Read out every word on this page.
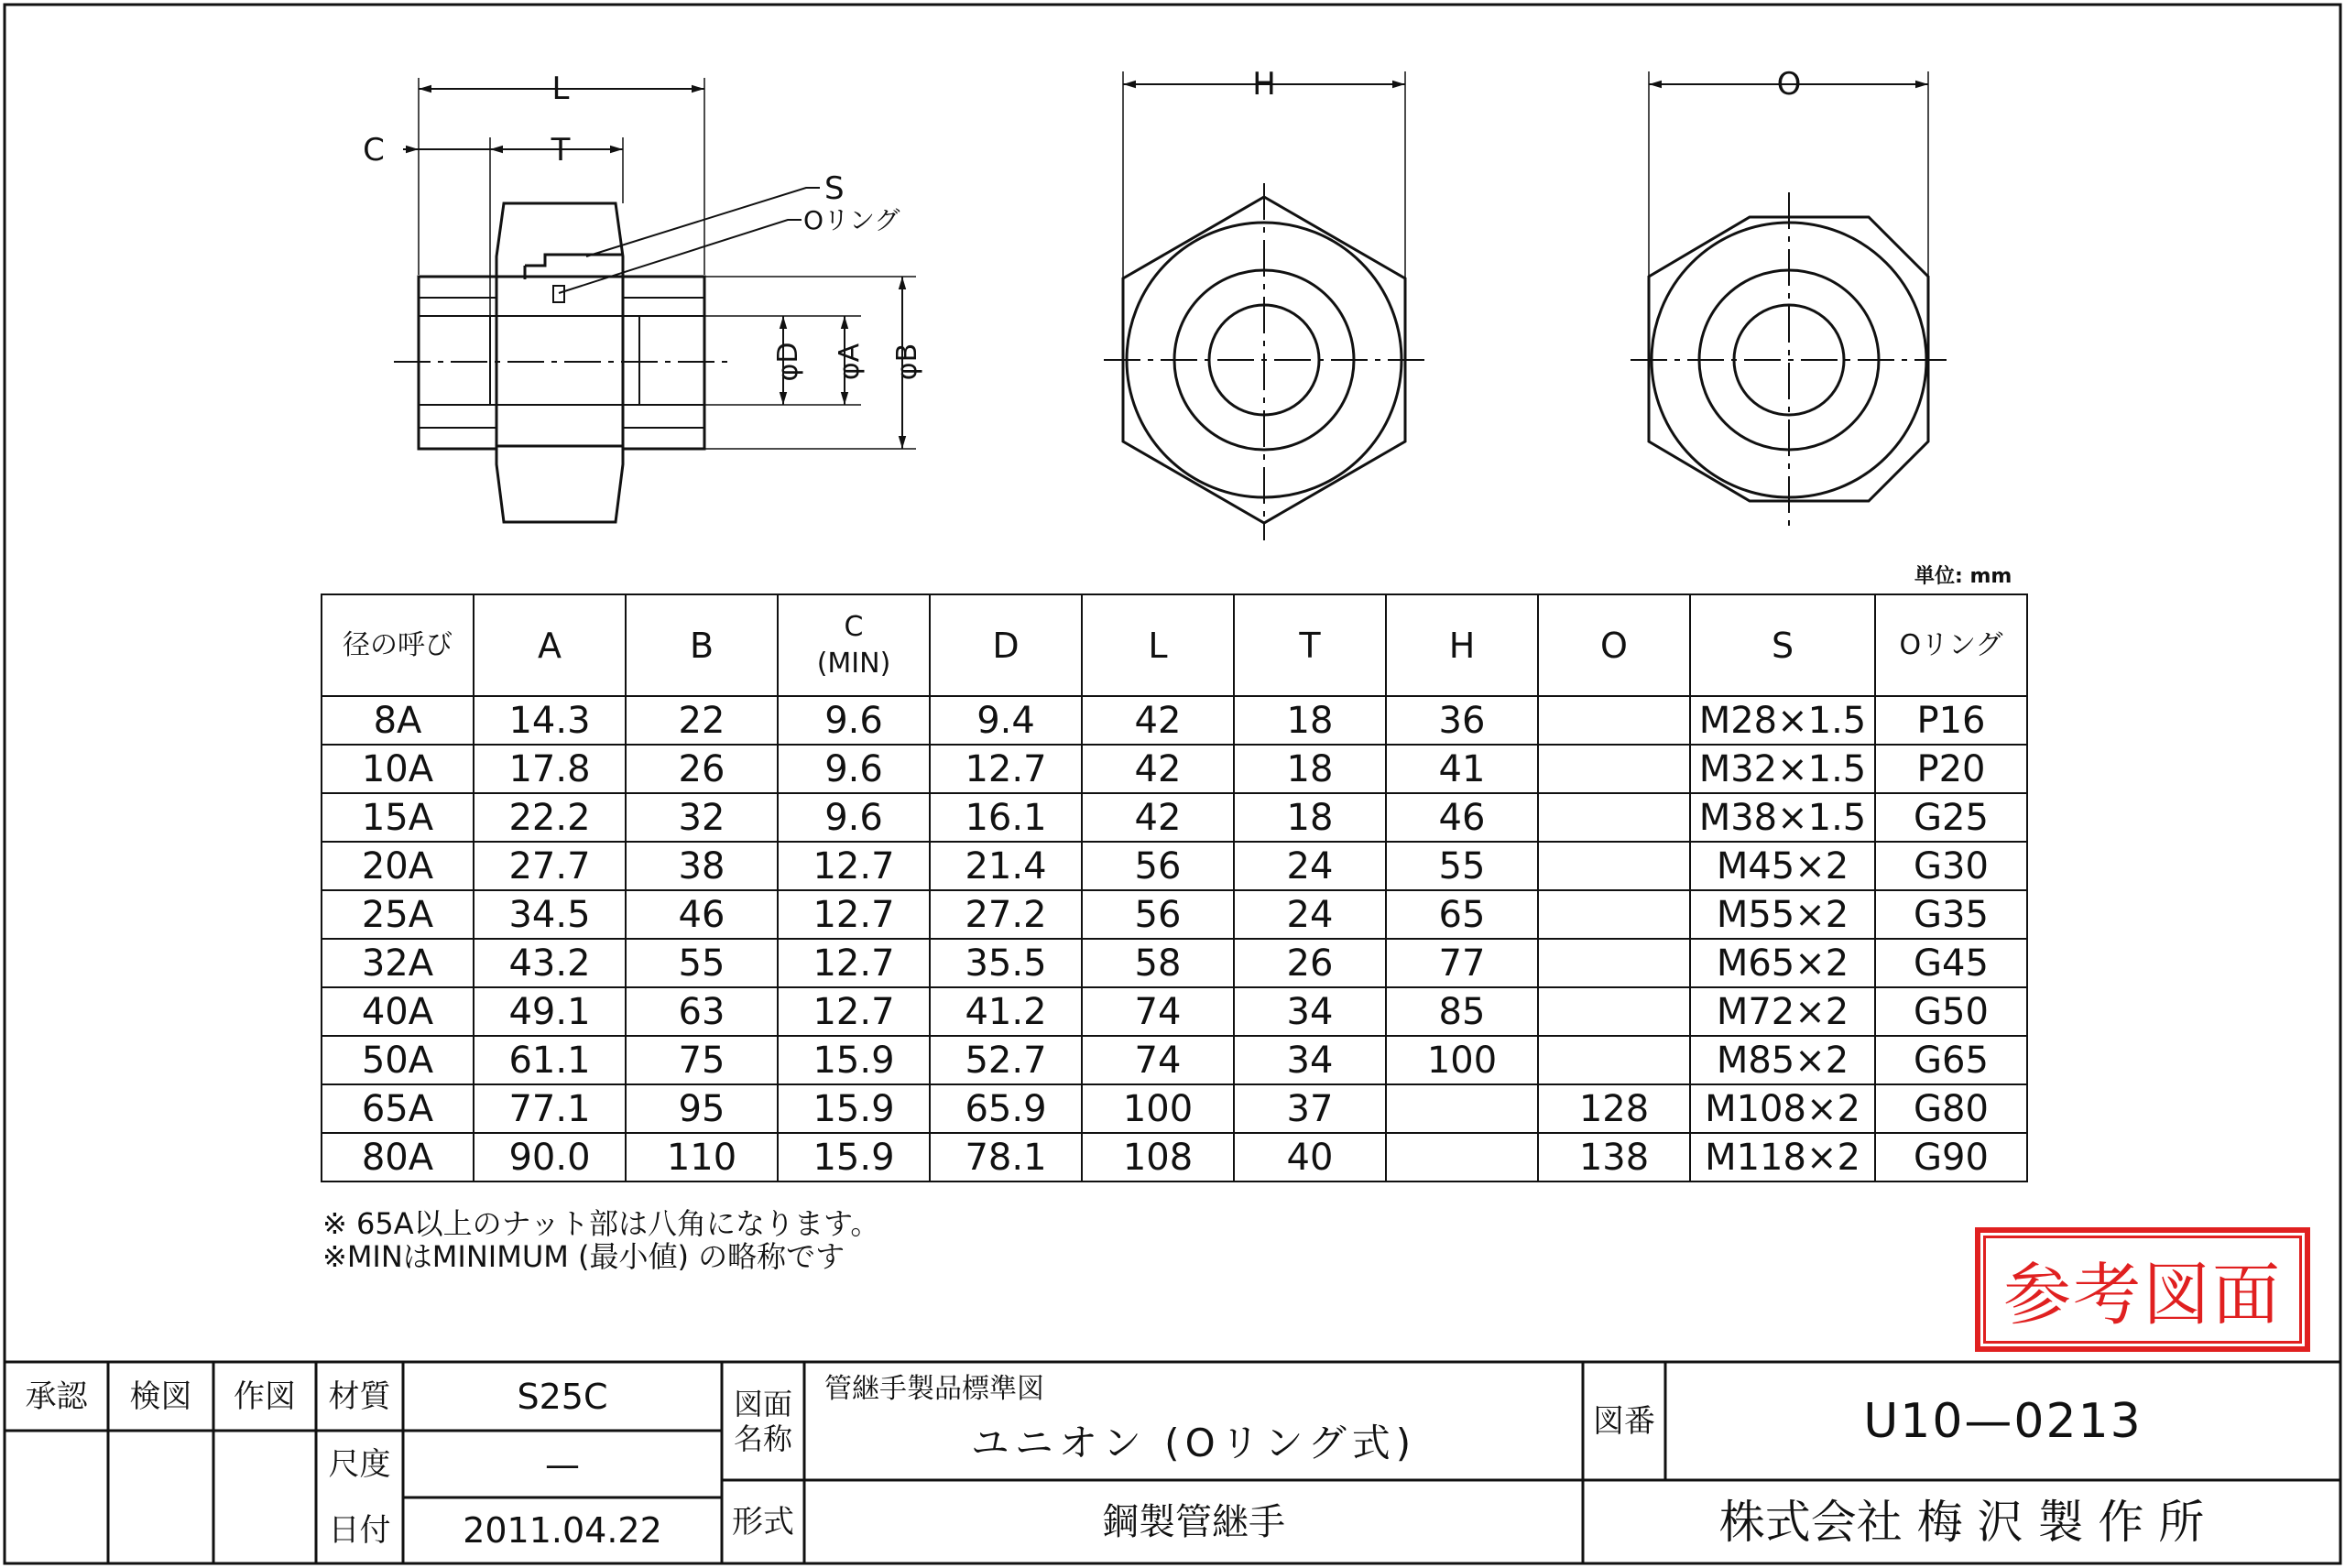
L
C	T
S
Oリング
φD φA φB
H	O
単位: mm
径の呼び	A	B	C
(MIN)	D	L	T	H	O	S	Oリング
8A	14.3	22	9.6	9.4	42	18	36		M28×1.5	P16
10A	17.8	26	9.6	12.7	42	18	41		M32×1.5	P20
15A	22.2	32	9.6	16.1	42	18	46		M38×1.5	G25
20A	27.7	38	12.7	21.4	56	24	55		M45×2	G30
25A	34.5	46	12.7	27.2	56	24	65		M55×2	G35
32A	43.2	55	12.7	35.5	58	26	77		M65×2	G45
40A	49.1	63	12.7	41.2	74	34	85		M72×2	G50
50A	61.1	75	15.9	52.7	74	34	100		M85×2	G65
65A	77.1	95	15.9	65.9	100	37		128	M108×2	G80
80A	90.0	110	15.9	78.1	108	40		138	M118×2	G90
※ 65A以上のナット部は八角になります。
※MINはMINIMUM (最小値) の略称です	参考図面
承認	検図	作図	材質	S25C
尺度	—
日付	2011.04.22
図面
名称
管継手製品標準図
ユニオン (Oリング式)
形式	鋼製管継手
図番	U10—0213
株式会社 梅 沢 製 作 所
